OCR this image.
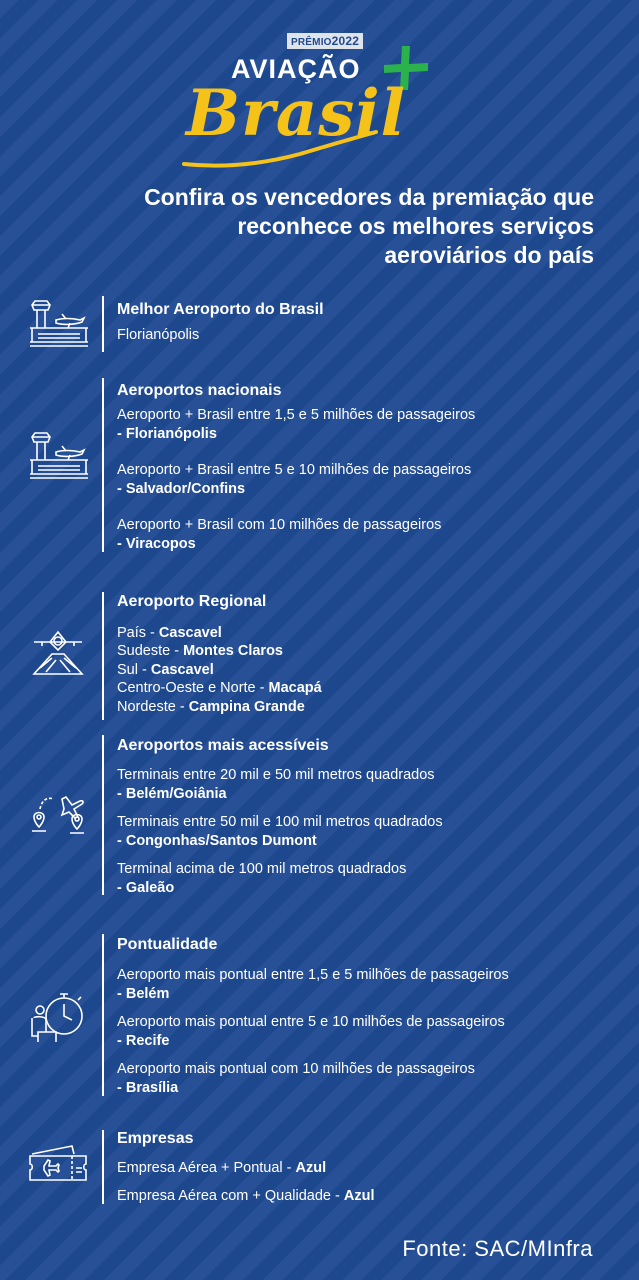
PRÊMIO2022
AVIAÇÃO
Brasil
Confira os vencedores da premiação que
reconhece os melhores serviços
aeroviários do país
Melhor Aeroporto do Brasil
Florianópolis
Aeroportos nacionais
Aeroporto + Brasil entre 1,5 e 5 milhões de passageiros
- Florianópolis
Aeroporto + Brasil entre 5 e 10 milhões de passageiros
- Salvador/Confins
Aeroporto + Brasil com 10 milhões de passageiros
- Viracopos
Aeroporto Regional
País - Cascavel
Sudeste - Montes Claros
Sul - Cascavel
Centro-Oeste e Norte - Macapá
Nordeste - Campina Grande
Aeroportos mais acessíveis
Terminais entre 20 mil e 50 mil metros quadrados
- Belém/Goiânia
Terminais entre 50 mil e 100 mil metros quadrados
- Congonhas/Santos Dumont
Terminal acima de 100 mil metros quadrados
- Galeão
Pontualidade
Aeroporto mais pontual entre 1,5 e 5 milhões de passageiros
- Belém
Aeroporto mais pontual entre 5 e 10 milhões de passageiros
- Recife
Aeroporto mais pontual com 10 milhões de passageiros
- Brasília
Empresas
Empresa Aérea + Pontual - Azul
Empresa Aérea com + Qualidade - Azul
Fonte: SAC/MInfra
